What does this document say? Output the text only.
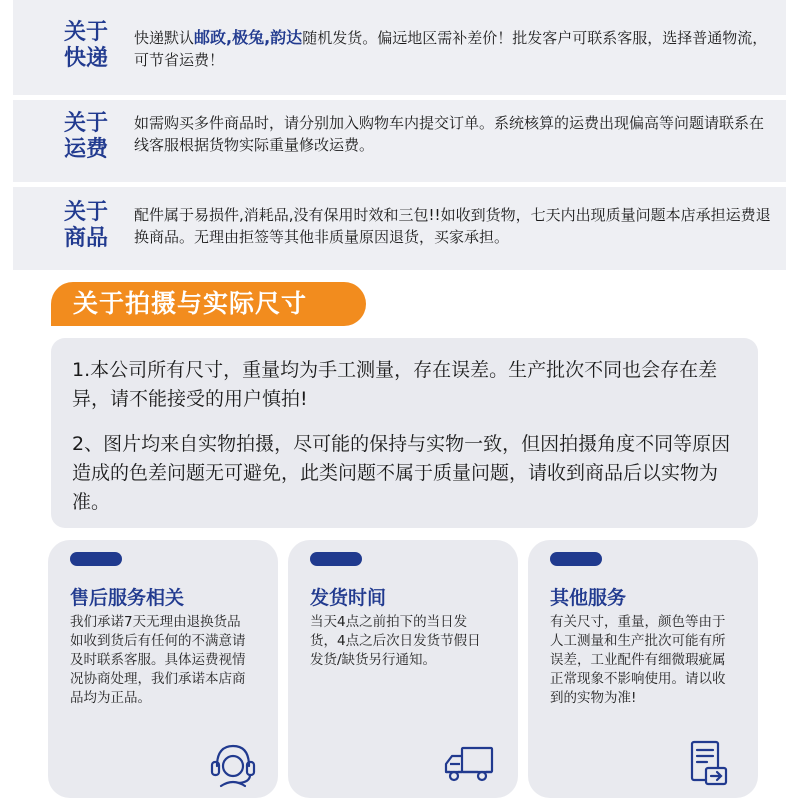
关于快递
快递默认邮政,极兔,韵达随机发货。偏远地区需补差价！批发客户可联系客服，选择普通物流，可节省运费！
关于运费
如需购买多件商品时，请分别加入购物车内提交订单。系统核算的运费出现偏高等问题请联系在线客服根据货物实际重量修改运费。
关于商品
配件属于易损件,消耗品,没有保用时效和三包!!如收到货物，七天内出现质量问题本店承担运费退换商品。无理由拒签等其他非质量原因退货，买家承担。
关于拍摄与实际尺寸

1.本公司所有尺寸，重量均为手工测量，存在误差。生产批次不同也会存在差异，请不能接受的用户慎拍!

2、图片均来自实物拍摄，尽可能的保持与实物一致，但因拍摄角度不同等原因造成的色差问题无可避免，此类问题不属于质量问题，请收到商品后以实物为准。

售后服务相关
我们承诺7天无理由退换货品如收到货后有任何的不满意请及时联系客服。具体运费视情况协商处理，我们承诺本店商品均为正品。
发货时间
当天4点之前拍下的当日发货，4点之后次日发货节假日发货/缺货另行通知。
其他服务
有关尺寸，重量，颜色等由于人工测量和生产批次可能有所误差，工业配件有细微瑕疵属正常现象不影响使用。请以收到的实物为准!
